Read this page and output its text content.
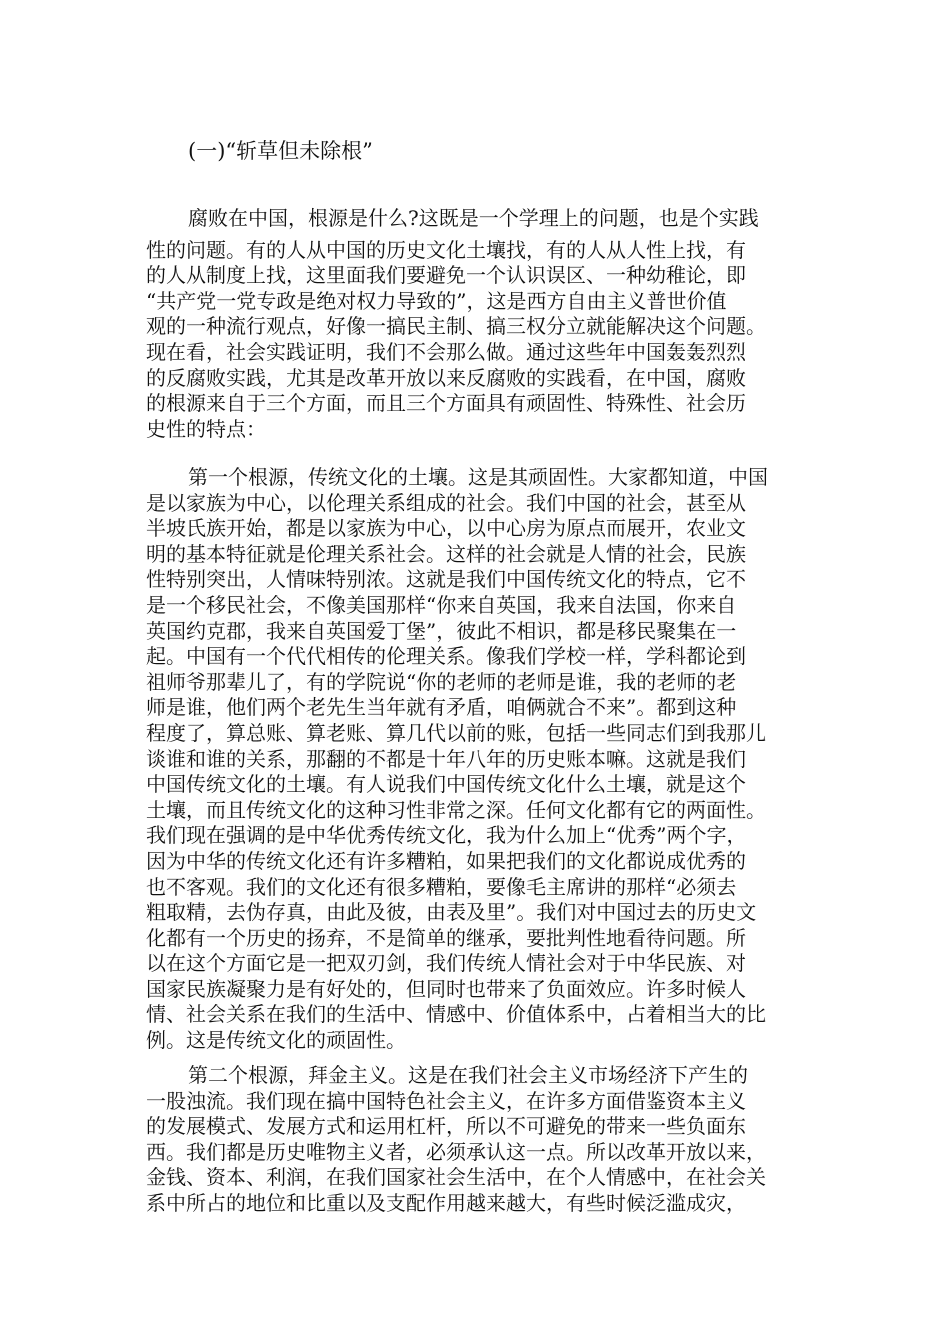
(一)“斩草但未除根”
腐败在中国，根源是什么?这既是一个学理上的问题，也是个实践
性的问题。有的人从中国的历史文化土壤找，有的人从人性上找，有
的人从制度上找，这里面我们要避免一个认识误区、一种幼稚论，即
“共产党一党专政是绝对权力导致的”，这是西方自由主义普世价值
观的一种流行观点，好像一搞民主制、搞三权分立就能解决这个问题。
现在看，社会实践证明，我们不会那么做。通过这些年中国轰轰烈烈
的反腐败实践，尤其是改革开放以来反腐败的实践看，在中国，腐败
的根源来自于三个方面，而且三个方面具有顽固性、特殊性、社会历
史性的特点：
第一个根源，传统文化的土壤。这是其顽固性。大家都知道，中国
是以家族为中心，以伦理关系组成的社会。我们中国的社会，甚至从
半坡氏族开始，都是以家族为中心，以中心房为原点而展开，农业文
明的基本特征就是伦理关系社会。这样的社会就是人情的社会，民族
性特别突出，人情味特别浓。这就是我们中国传统文化的特点，它不
是一个移民社会，不像美国那样“你来自英国，我来自法国，你来自
英国约克郡，我来自英国爱丁堡”，彼此不相识，都是移民聚集在一
起。中国有一个代代相传的伦理关系。像我们学校一样，学科都论到
祖师爷那辈儿了，有的学院说“你的老师的老师是谁，我的老师的老
师是谁，他们两个老先生当年就有矛盾，咱俩就合不来”。都到这种
程度了，算总账、算老账、算几代以前的账，包括一些同志们到我那儿
谈谁和谁的关系，那翻的不都是十年八年的历史账本嘛。这就是我们
中国传统文化的土壤。有人说我们中国传统文化什么土壤，就是这个
土壤，而且传统文化的这种习性非常之深。任何文化都有它的两面性。
我们现在强调的是中华优秀传统文化，我为什么加上“优秀”两个字，
因为中华的传统文化还有许多糟粕，如果把我们的文化都说成优秀的
也不客观。我们的文化还有很多糟粕，要像毛主席讲的那样“必须去
粗取精，去伪存真，由此及彼，由表及里”。我们对中国过去的历史文
化都有一个历史的扬弃，不是简单的继承，要批判性地看待问题。所
以在这个方面它是一把双刃剑，我们传统人情社会对于中华民族、对
国家民族凝聚力是有好处的，但同时也带来了负面效应。许多时候人
情、社会关系在我们的生活中、情感中、价值体系中，占着相当大的比
例。这是传统文化的顽固性。
第二个根源，拜金主义。这是在我们社会主义市场经济下产生的
一股浊流。我们现在搞中国特色社会主义，在许多方面借鉴资本主义
的发展模式、发展方式和运用杠杆，所以不可避免的带来一些负面东
西。我们都是历史唯物主义者，必须承认这一点。所以改革开放以来，
金钱、资本、利润，在我们国家社会生活中，在个人情感中，在社会关
系中所占的地位和比重以及支配作用越来越大，有些时候泛滥成灾，
